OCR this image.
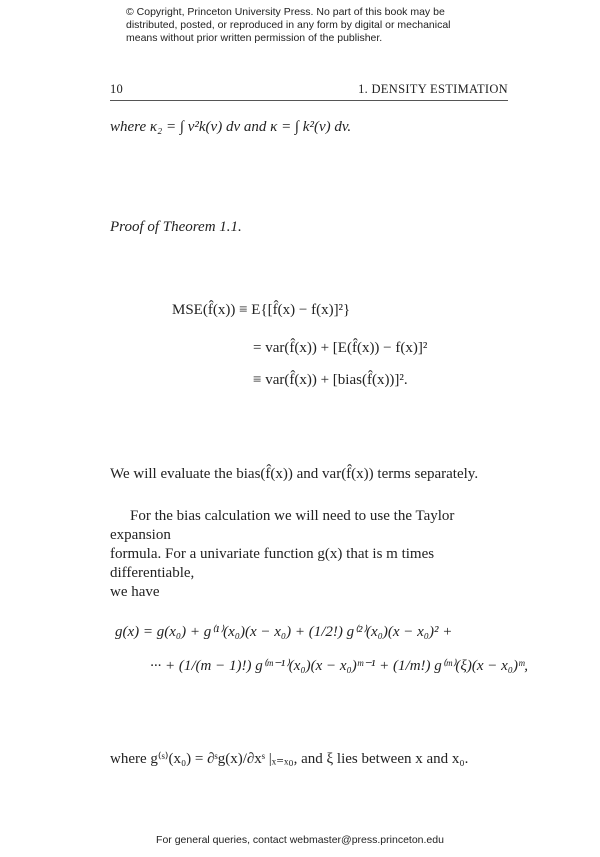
© Copyright, Princeton University Press. No part of this book may be
distributed, posted, or reproduced in any form by digital or mechanical
means without prior written permission of the publisher.
10	1. DENSITY ESTIMATION
where κ₂ = ∫ v²k(v) dv and κ = ∫ k²(v) dv.
Proof of Theorem 1.1.
MSE(f̂(x)) ≡ E{[f̂(x) − f(x)]²}
= var(f̂(x)) + [E(f̂(x)) − f(x)]²
≡ var(f̂(x)) + [bias(f̂(x))]².
We will evaluate the bias(f̂(x)) and var(f̂(x)) terms separately.
For the bias calculation we will need to use the Taylor expansion
formula. For a univariate function g(x) that is m times differentiable,
we have
g(x) = g(x₀) + g⁽¹⁾(x₀)(x − x₀) + (1/2!) g⁽²⁾(x₀)(x − x₀)² +
··· + (1/(m − 1)!) g⁽ᵐ⁻¹⁾(x₀)(x − x₀)ᵐ⁻¹ + (1/m!) g⁽ᵐ⁾(ξ)(x − x₀)ᵐ,
where g⁽ˢ⁾(x₀) = ∂ˢg(x)/∂xˢ |ₓ₌ₓ₀, and ξ lies between x and x₀.
For general queries, contact webmaster@press.princeton.edu
